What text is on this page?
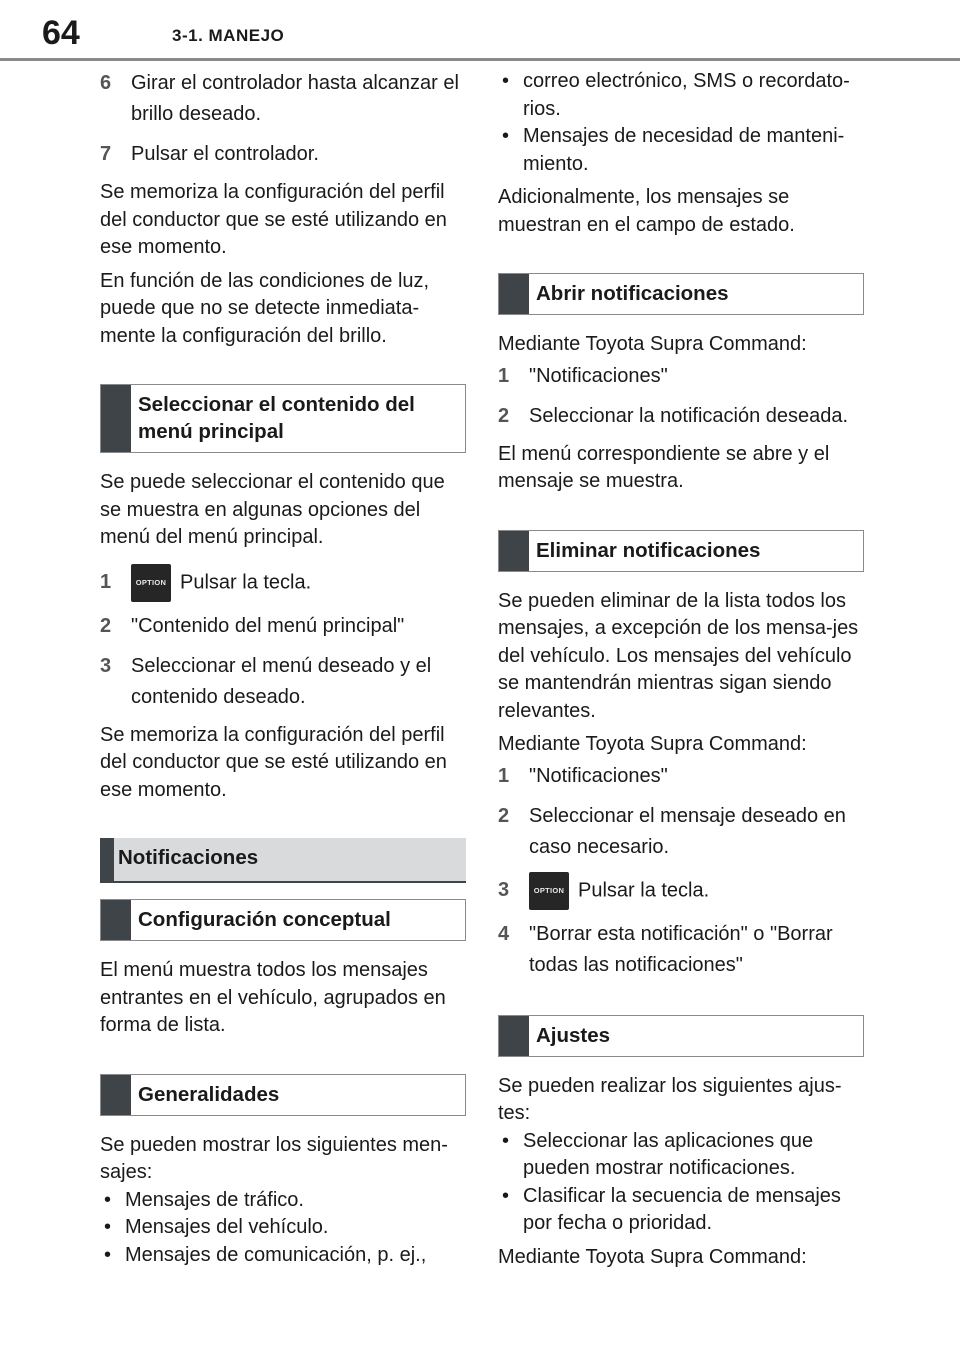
64	3-1. MANEJO
6 Girar el controlador hasta alcanzar el brillo deseado.
7 Pulsar el controlador.

Se memoriza la configuración del perfil del conductor que se esté utilizando en ese momento.

En función de las condiciones de luz, puede que no se detecte inmediata-mente la configuración del brillo.

Seleccionar el contenido del menú principal

Se puede seleccionar el contenido que se muestra en algunas opciones del menú del menú principal.

1	OPTION Pulsar la tecla.
2 "Contenido del menú principal"
3 Seleccionar el menú deseado y el contenido deseado.

Se memoriza la configuración del perfil del conductor que se esté utilizando en ese momento.

Notificaciones
Configuración conceptual

El menú muestra todos los mensajes entrantes en el vehículo, agrupados en forma de lista.

Generalidades

Se pueden mostrar los siguientes men-sajes:

• Mensajes de tráfico.
• Mensajes del vehículo.
• Mensajes de comunicación, p. ej.,
• correo electrónico, SMS o recordato-rios.
• Mensajes de necesidad de manteni-miento.

Adicionalmente, los mensajes se muestran en el campo de estado.

Abrir notificaciones

Mediante Toyota Supra Command:

1 "Notificaciones"
2 Seleccionar la notificación deseada.

El menú correspondiente se abre y el mensaje se muestra.

Eliminar notificaciones

Se pueden eliminar de la lista todos los mensajes, a excepción de los mensa-jes del vehículo. Los mensajes del vehículo se mantendrán mientras sigan siendo relevantes.

Mediante Toyota Supra Command:

1 "Notificaciones"
2 Seleccionar el mensaje deseado en caso necesario.
3	OPTION Pulsar la tecla.
4 "Borrar esta notificación" o "Borrar todas las notificaciones"
Ajustes

Se pueden realizar los siguientes ajus-tes:

• Seleccionar las aplicaciones que pueden mostrar notificaciones.
• Clasificar la secuencia de mensajes por fecha o prioridad.

Mediante Toyota Supra Command:
